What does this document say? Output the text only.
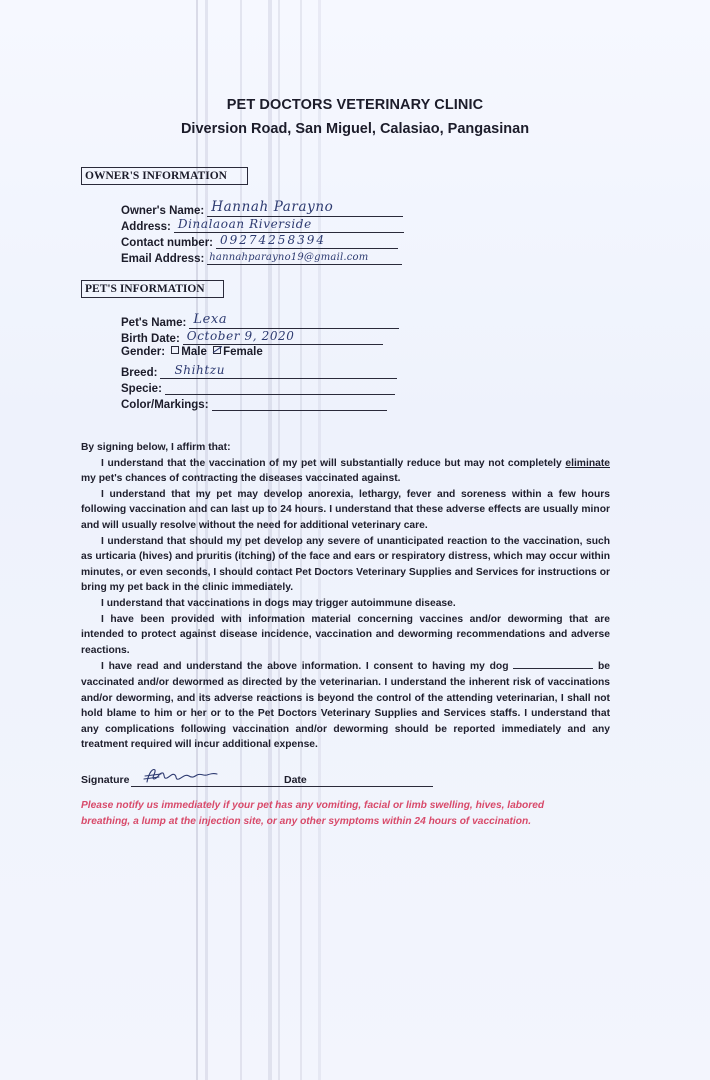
PET DOCTORS VETERINARY CLINIC
Diversion Road, San Miguel, Calasiao, Pangasinan
OWNER'S INFORMATION
Owner's Name: Hannah Parayno
Address: Dinalaoan Riverside
Contact number: 09274258394
Email Address: hannahparayno19@gmail.com
PET'S INFORMATION
Pet's Name: Lexa
Birth Date: October 9, 2020
Gender: Male Female
Breed: Shihtzu
Specie:
Color/Markings:

By signing below, I affirm that:

I understand that the vaccination of my pet will substantially reduce but may not completely eliminate my pet's chances of contracting the diseases vaccinated against.

I understand that my pet may develop anorexia, lethargy, fever and soreness within a few hours following vaccination and can last up to 24 hours. I understand that these adverse effects are usually minor and will usually resolve without the need for additional veterinary care.

I understand that should my pet develop any severe of unanticipated reaction to the vaccination, such as urticaria (hives) and pruritis (itching) of the face and ears or respiratory distress, which may occur within minutes, or even seconds, I should contact Pet Doctors Veterinary Supplies and Services for instructions or bring my pet back in the clinic immediately.

I understand that vaccinations in dogs may trigger autoimmune disease.

I have been provided with information material concerning vaccines and/or deworming that are intended to protect against disease incidence, vaccination and deworming recommendations and adverse reactions.

I have read and understand the above information. I consent to having my dog	be vaccinated and/or dewormed as directed by the veterinarian. I understand the inherent risk of vaccinations and/or deworming, and its adverse reactions is beyond the control of the attending veterinarian, I shall not hold blame to him or her or to the Pet Doctors Veterinary Supplies and Services staffs. I understand that any complications following vaccination and/or deworming should be reported immediately and any treatment required will incur additional expense.

Signature	Date
Please notify us immediately if your pet has any vomiting, facial or limb swelling, hives, labored breathing, a lump at the injection site, or any other symptoms within 24 hours of vaccination.
